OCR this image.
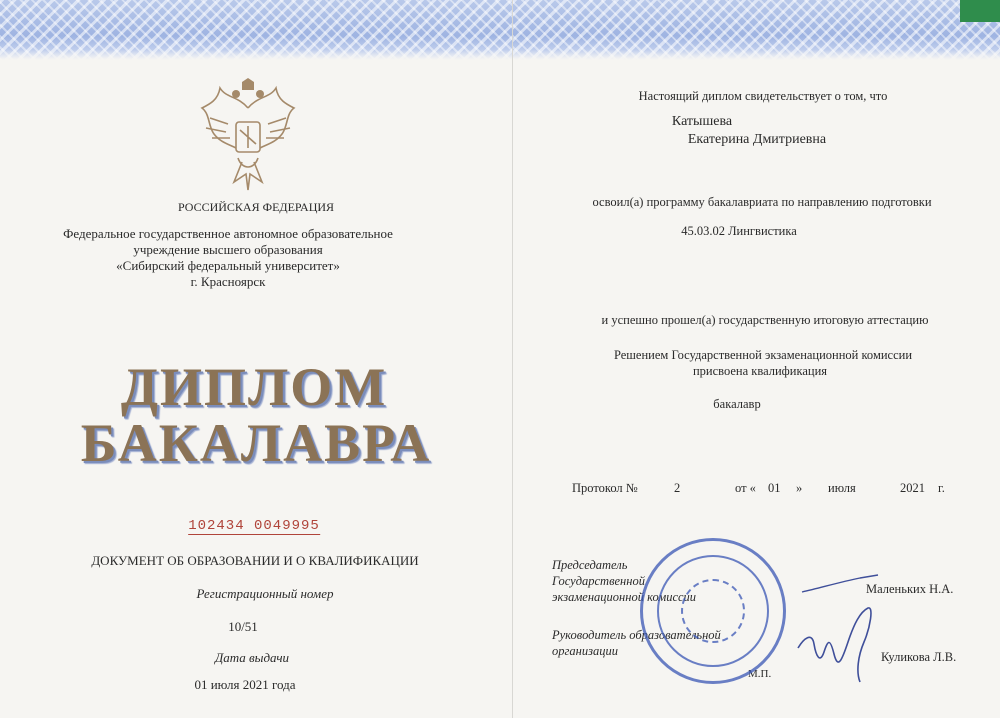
РОССИЙСКАЯ ФЕДЕРАЦИЯ
Федеральное государственное автономное образовательное
учреждение высшего образования
«Сибирский федеральный университет»
г. Красноярск
ДИПЛОМ
БАКАЛАВРА
102434 0049995
ДОКУМЕНТ ОБ ОБРАЗОВАНИИ И О КВАЛИФИКАЦИИ
Регистрационный номер
10/51
Дата выдачи
01 июля 2021 года
Настоящий диплом свидетельствует о том, что
Катышева
Екатерина Дмитриевна
освоил(а) программу бакалавриата по направлению подготовки
45.03.02 Лингвистика
и успешно прошел(а) государственную итоговую аттестацию
Решением Государственной экзаменационной комиссии
присвоена квалификация
бакалавр
Протокол №	2	от « 01 » июля	2021 г.
Председатель
Государственной
экзаменационной комиссии
Маленьких Н.А.
Руководитель образовательной
организации	Куликова Л.В.
М.П.
